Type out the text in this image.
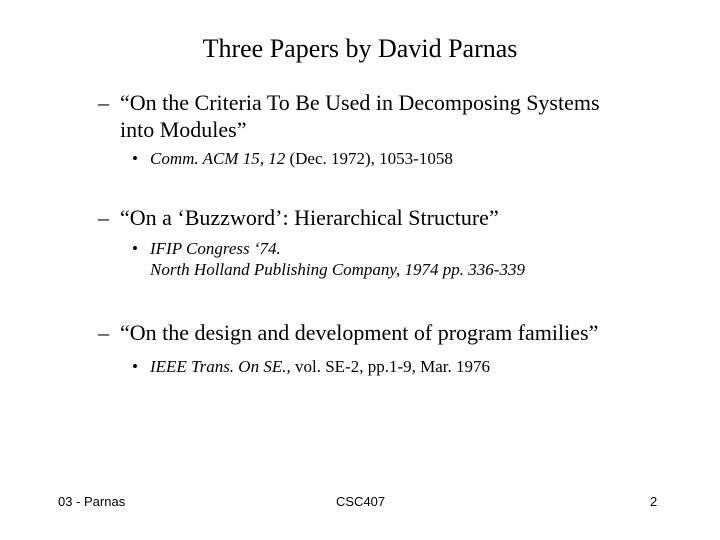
Three Papers by David Parnas
– “On the Criteria To Be Used in Decomposing Systems
into Modules”
• Comm. ACM 15, 12 (Dec. 1972), 1053-1058
– “On a ‘Buzzword’: Hierarchical Structure”
• IFIP Congress ‘74.
North Holland Publishing Company, 1974 pp. 336-339
– “On the design and development of program families”
• IEEE Trans. On SE., vol. SE-2, pp.1-9, Mar. 1976
03 - Parnas	CSC407	2
